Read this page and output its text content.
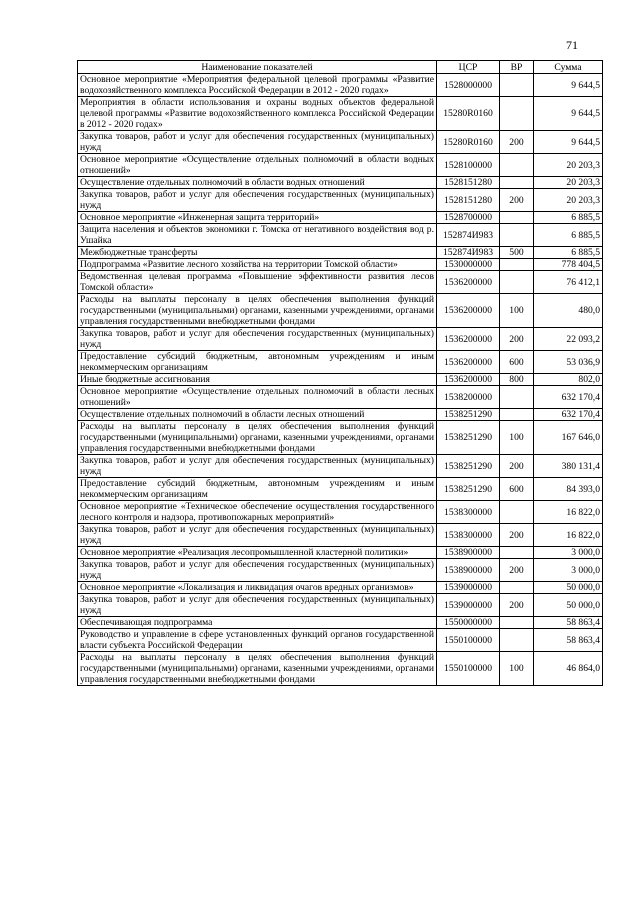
71
Наименование показателей	ЦСР	ВР	Сумма
Основное мероприятие «Мероприятия федеральной целевой программы «Развитие водохозяйственного комплекса Российской Федерации в 2012 - 2020 годах»	1528000000		9 644,5
Мероприятия в области использования и охраны водных объектов федеральной целевой программы «Развитие водохозяйственного комплекса Российской Федерации в 2012 - 2020 годах»	15280R0160		9 644,5
Закупка товаров, работ и услуг для обеспечения государственных (муниципальных) нужд	15280R0160	200	9 644,5
Основное мероприятие «Осуществление отдельных полномочий в области водных отношений»	1528100000		20 203,3
Осуществление отдельных полномочий в области водных отношений	1528151280		20 203,3
Закупка товаров, работ и услуг для обеспечения государственных (муниципальных) нужд	1528151280	200	20 203,3
Основное мероприятие «Инженерная защита территорий»	1528700000		6 885,5
Защита населения и объектов экономики г. Томска от негативного воздействия вод р. Ушайка	152874И983		6 885,5
Межбюджетные трансферты	152874И983	500	6 885,5
Подпрограмма «Развитие лесного хозяйства на территории Томской области»	1530000000		778 404,5
Ведомственная целевая программа «Повышение эффективности развития лесов Томской области»	1536200000		76 412,1
Расходы на выплаты персоналу в целях обеспечения выполнения функций государственными (муниципальными) органами, казенными учреждениями, органами управления государственными внебюджетными фондами	1536200000	100	480,0
Закупка товаров, работ и услуг для обеспечения государственных (муниципальных) нужд	1536200000	200	22 093,2
Предоставление субсидий бюджетным, автономным учреждениям и иным некоммерческим организациям	1536200000	600	53 036,9
Иные бюджетные ассигнования	1536200000	800	802,0
Основное мероприятие «Осуществление отдельных полномочий в области лесных отношений»	1538200000		632 170,4
Осуществление отдельных полномочий в области лесных отношений	1538251290		632 170,4
Расходы на выплаты персоналу в целях обеспечения выполнения функций государственными (муниципальными) органами, казенными учреждениями, органами управления государственными внебюджетными фондами	1538251290	100	167 646,0
Закупка товаров, работ и услуг для обеспечения государственных (муниципальных) нужд	1538251290	200	380 131,4
Предоставление субсидий бюджетным, автономным учреждениям и иным некоммерческим организациям	1538251290	600	84 393,0
Основное мероприятие «Техническое обеспечение осуществления государственного лесного контроля и надзора, противопожарных мероприятий»	1538300000		16 822,0
Закупка товаров, работ и услуг для обеспечения государственных (муниципальных) нужд	1538300000	200	16 822,0
Основное мероприятие «Реализация лесопромышленной кластерной политики»	1538900000		3 000,0
Закупка товаров, работ и услуг для обеспечения государственных (муниципальных) нужд	1538900000	200	3 000,0
Основное мероприятие «Локализация и ликвидация очагов вредных организмов»	1539000000		50 000,0
Закупка товаров, работ и услуг для обеспечения государственных (муниципальных) нужд	1539000000	200	50 000,0
Обеспечивающая подпрограмма	1550000000		58 863,4
Руководство и управление в сфере установленных функций органов государственной власти субъекта Российской Федерации	1550100000		58 863,4
Расходы на выплаты персоналу в целях обеспечения выполнения функций государственными (муниципальными) органами, казенными учреждениями, органами управления государственными внебюджетными фондами	1550100000	100	46 864,0
